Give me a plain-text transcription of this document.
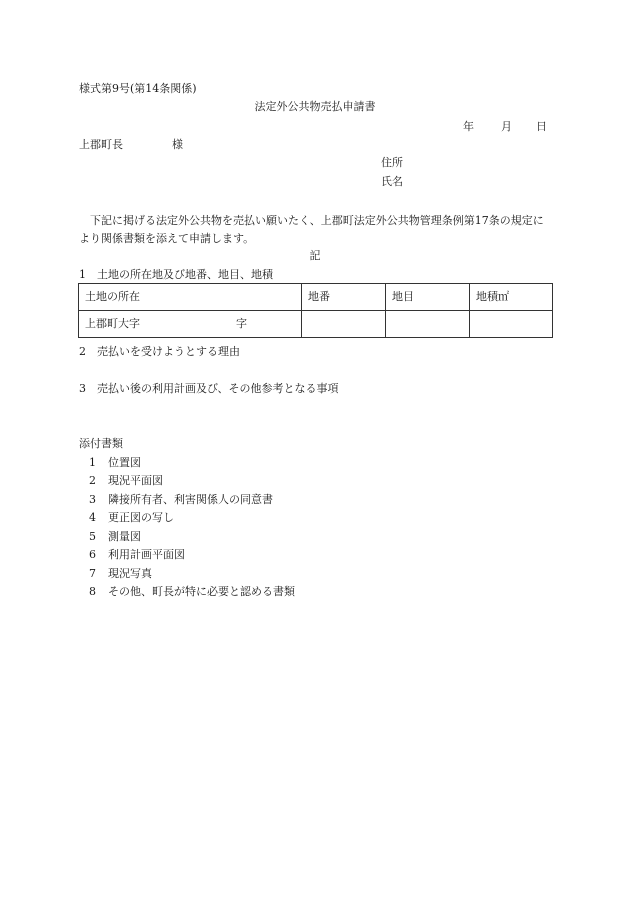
様式第9号(第14条関係)
法定外公共物売払申請書
年 月 日
上郡町長	様
住所
氏名
下記に掲げる法定外公共物を売払い願いたく、上郡町法定外公共物管理条例第17条の規定により関係書類を添えて申請します。
記
1　土地の所在地及び地番、地目、地積
土地の所在	地番	地目	地積㎡
上郡町大字 字			
2　売払いを受けようとする理由
3　売払い後の利用計画及び、その他参考となる事項
添付書類
1 位置図
2 現況平面図
3 隣接所有者、利害関係人の同意書
4 更正図の写し
5 測量図
6 利用計画平面図
7 現況写真
8 その他、町長が特に必要と認める書類
